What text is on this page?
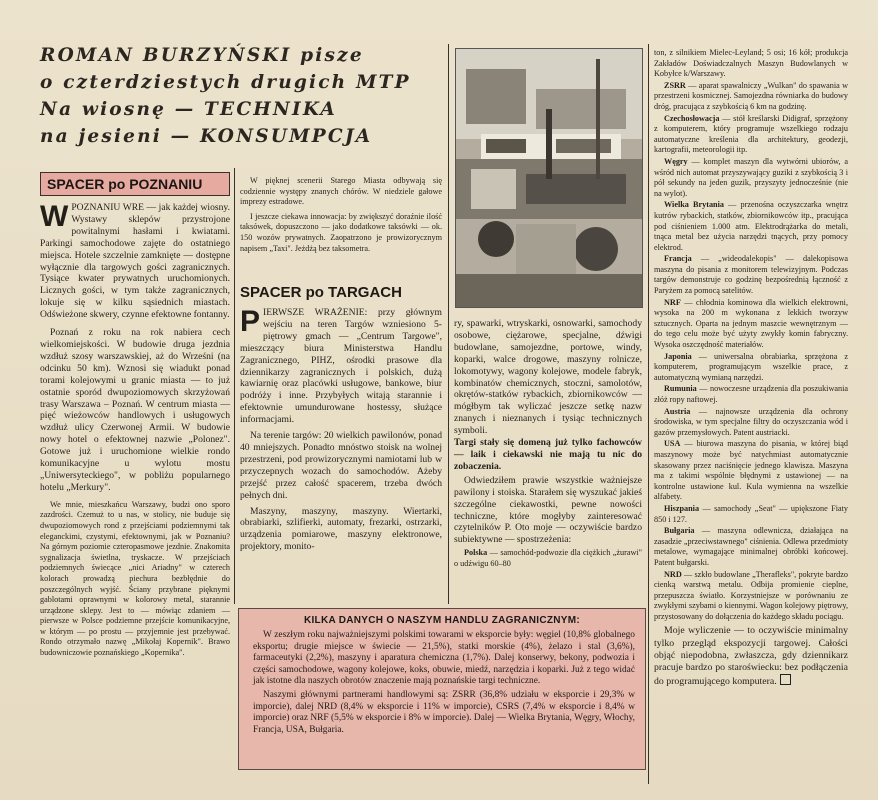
ROMAN BURZYŃSKI pisze
o czterdziestych drugich MTP
Na wiosnę — TECHNIKA
na jesieni — KONSUMPCJA
SPACER po POZNANIU
WPOZNANIU WRE — jak każdej wiosny. Wystawy sklepów przystrojone powitalnymi hasłami i kwiatami. Parkingi samochodowe zajęte do ostatniego miejsca. Hotele szczelnie zamknięte — dostępne wyłącznie dla targowych gości zagranicznych. Tysiące kwater prywatnych uruchomionych. Licznych gości, w tym także zagranicznych, lokuje się w kilku sąsiednich miastach. Odświeżone skwery, czynne efektowne fontanny.
Poznań z roku na rok nabiera cech wielkomiejskości. W budowie druga jezdnia wzdłuż szosy warszawskiej, aż do Wrześni (na odcinku 50 km). Wznosi się wiadukt ponad torami kolejowymi u granic miasta — to już ostatnie sporód dwupoziomowych skrzyżowań trasy Warszawa – Poznań. W centrum miasta — pięć wieżowców handlowych i usługowych wzdłuż ulicy Czerwonej Armii. W budowie nowy hotel o efektownej nazwie „Polonez". Gotowe już i uruchomione wielkie rondo komunikacyjne u wylotu mostu „Uniwersyteckiego", w pobliżu popularnego hotelu „Merkury".
We mnie, mieszkańcu Warszawy, budzi ono sporo zazdrości. Czemuż to u nas, w stolicy, nie buduje się dwupoziomowych rond z przejściami podziemnymi tak eleganckimi, czystymi, efektownymi, jak w Poznaniu? Na górnym poziomie czteropasmowe jezdnie. Znakomita sygnalizacja świetlna, tryskacze. W przejściach podziemnych świecące „nici Ariadny" w czterech kolorach prowadzą piechura bezbłędnie do poszczególnych wyjść. Ściany przybrane pięknymi gablotami oprawnymi w kolorowy metal, starannie urządzone sklepy. Jest to — mówiąc zdaniem — pierwsze w Polsce podziemne przejście komunikacyjne, w którym — po prostu — przyjemnie jest przebywać. Rondo otrzymało nazwę „Mikołaj Kopernik". Brawo budowniczowie poznańskiego „Kopernika".
W pięknej scenerii Starego Miasta odbywają się codziennie występy znanych chórów. W niedziele gałowe imprezy estradowe.
I jeszcze ciekawa innowacja: by zwiększyć doraźnie ilość taksówek, dopuszczono — jako dodatkowe taksówki — ok. 150 wozów prywatnych. Zaopatrzono je prowizorycznym napisem „Taxi". Jeżdżą bez taksometra.
SPACER po TARGACH
PIERWSZE WRAŻENIE: przy głównym wejściu na teren Targów wzniesiono 5-piętrowy gmach — „Centrum Targowe", mieszczący biura Ministerstwa Handlu Zagranicznego, PIHZ, ośrodki prasowe dla dziennikarzy zagranicznych i polskich, dużą kawiarnię oraz placówki usługowe, bankowe, biur podróży i inne. Przybyłych witają starannie i efektownie umundurowane hostessy, służące informacjami.
Na terenie targów: 20 wielkich pawilonów, ponad 40 mniejszych. Ponadto mnóstwo stoisk na wolnej przestrzeni, pod prowizorycznymi namiotami lub w przyczepnych wozach do samochodów. Ażeby przejść przez całość spacerem, trzeba dwóch pełnych dni.
Maszyny, maszyny, maszyny. Wiertarki, obrabiarki, szlifierki, automaty, frezarki, ostrzarki, urządzenia pomiarowe, maszyny elektronowe, projektory, monito-
ry, spawarki, wtryskarki, osnowarki, samochody osobowe, ciężarowe, specjalne, dźwigi budowlane, samojezdne, portowe, windy, koparki, walce drogowe, maszyny rolnicze, lokomotywy, wagony kolejowe, modele fabryk, kombinatów chemicznych, stoczni, samolotów, okrętów-statków rybackich, zbiornikowców — mógłbym tak wyliczać jeszcze setkę nazw znanych i nieznanych i tysiąc technicznych symboli.
Targi stały się domeną już tylko fachowców — laik i ciekawski nie mają tu nic do zobaczenia.
Odwiedziłem prawie wszystkie ważniejsze pawilony i stoiska. Starałem się wyszukać jakieś szczególne ciekawostki, pewne nowości techniczne, które mogłyby zainteresować czytelników P. Oto moje — oczywiście bardzo subiektywne — spostrzeżenia:
Polska — samochód-podwozie dla ciężkich „żurawi" o udźwigu 60–80
KILKA DANYCH O NASZYM HANDLU ZAGRANICZNYM:
W zeszłym roku najważniejszymi polskimi towarami w eksporcie były: węgiel (10,8% globalnego eksportu; drugie miejsce w świecie — 21,5%), statki morskie (4%), żelazo i stal (3,6%), farmaceutyki (2,2%), maszyny i aparatura chemiczna (1,7%). Dalej konserwy, bekony, podwozia i części samochodowe, wagony kolejowe, koks, obuwie, miedź, narzędzia i koparki. Już z tego widać jak istotne dla naszych obrotów znaczenie mają poznańskie targi techniczne.
Naszymi głównymi partnerami handlowymi są: ZSRR (36,8% udziału w eksporcie i 29,3% w imporcie), dalej NRD (8,4% w eksporcie i 11% w imporcie), CSRS (7,4% w eksporcie i 8,4% w imporcie) oraz NRF (5,5% w eksporcie i 8% w imporcie). Dalej — Wielka Brytania, Węgry, Włochy, Francja, USA, Bułgaria.
ton, z silnikiem Mielec-Leyland; 5 osi; 16 kół; produkcja Zakładów Doświadczalnych Maszyn Budowlanych w Kobyłce k/Warszawy.
ZSRR — aparat spawalniczy „Wulkan" do spawania w przestrzeni kosmicznej. Samojezdna równiarka do budowy dróg, pracująca z szybkością 6 km na godzinę.
Czechosłowacja — stół kreślarski Didigraf, sprzężony z komputerem, który programuje wszelkiego rodzaju automatyczne kreślenia dla architektury, geodezji, kartografii, meteorologii itp.
Węgry — komplet maszyn dla wytwórni ubiorów, a wśród nich automat przyszywający guziki z szybkością 3 i pół sekundy na jeden guzik, przyszyty jednocześnie (nie na wylot).
Wielka Brytania — przenośna oczyszczarka wnętrz kutrów rybackich, statków, zbiornikowców itp., pracująca pod ciśnieniem 1.000 atm. Elektrodrążarka do metali, tnąca metal bez użycia narzędzi tnących, przy pomocy elektrod.
Francja — „wideodalekopis" — dalekopisowa maszyna do pisania z monitorem telewizyjnym. Podczas targów demonstruje co godzinę bezpośrednią łączność z Paryżem za pomocą satelitów.
NRF — chłodnia kominowa dla wielkich elektrowni, wysoka na 200 m wykonana z lekkich tworzyw sztucznych. Oparta na jednym maszcie wewnętrznym — do tego celu może być użyty zwykły komin fabryczny. Wysoka oszczędność materiałów.
Japonia — uniwersalna obrabiarka, sprzężona z komputerem, programującym wszelkie prace, z automatyczną wymianą narzędzi.
Rumunia — nowoczesne urządzenia dla poszukiwania złóż ropy naftowej.
Austria — najnowsze urządzenia dla ochrony środowiska, w tym specjalne filtry do oczyszczania wód i gazów przemysłowych. Patent austriacki.
USA — biurowa maszyna do pisania, w której biąd maszynowy może być natychmiast automatycznie skasowany przez naciśnięcie jednego klawisza. Maszyna ma z takimi wspólnie błędnymi z ustawionej — na kontrolne ustawione kul. Kula wymienna na wszelkie alfabety.
Hiszpania — samochody „Seat" — upiększone Fiaty 850 i 127.
Bułgaria — maszyna odlewnicza, działająca na zasadzie „przeciwstawnego" ciśnienia. Odlewa przedmioty metalowe, wymagające minimalnej obróbki końcowej. Patent bułgarski.
NRD — szkło budowlane „Therafleks", pokryte bardzo cienką warstwą metalu. Odbija promienie cieplne, przepuszcza światło. Korzystniejsze w porównaniu ze zwykłymi szybami o kiennymi. Wagon kolejowy piętrowy, przystosowany do dołączenia do każdego składu pociągu.
Moje wyliczenie — to oczywiście minimalny tylko przegląd ekspozycji targowej. Całości objąć niepodobna, zwłaszcza, gdy dziennikarz pracuje bardzo po staroświecku: bez podłączenia do programującego komputera.
